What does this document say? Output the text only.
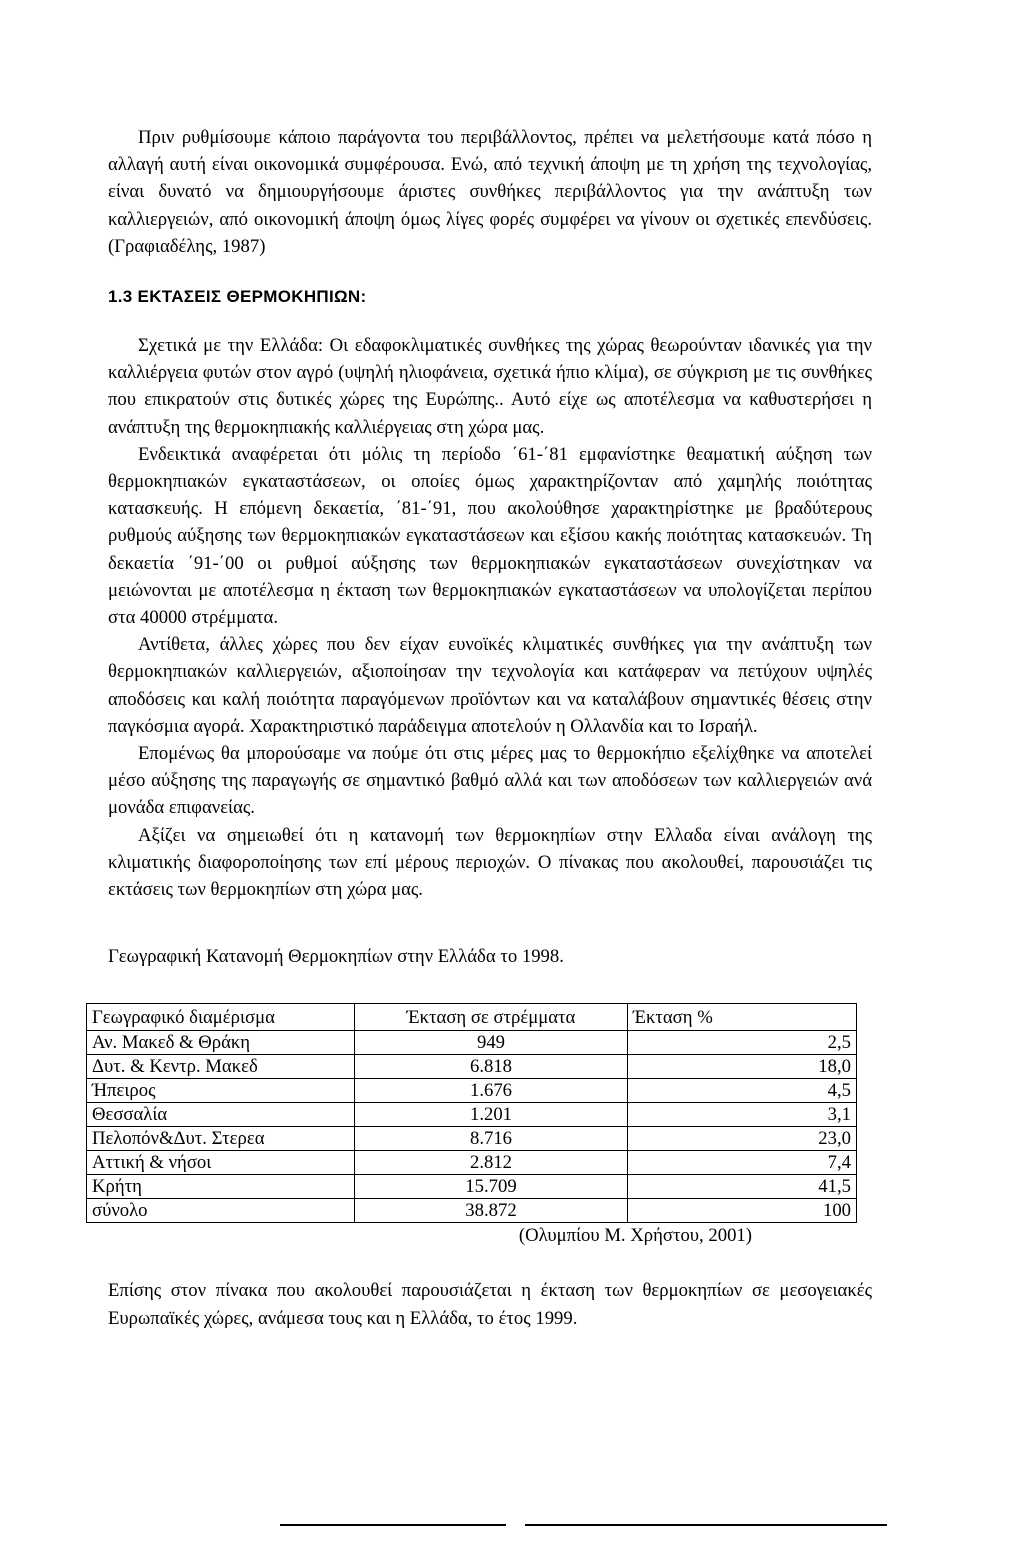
Πριν ρυθμίσουμε κάποιο παράγοντα του περιβάλλοντος, πρέπει να μελετήσουμε κατά πόσο η αλλαγή αυτή είναι οικονομικά συμφέρουσα. Ενώ, από τεχνική άποψη με τη χρήση της τεχνολογίας, είναι δυνατό να δημιουργήσουμε άριστες συνθήκες περιβάλλοντος για την ανάπτυξη των καλλιεργειών, από οικονομική άποψη όμως λίγες φορές συμφέρει να γίνουν οι σχετικές επενδύσεις. (Γραφιαδέλης, 1987)

1.3 ΕΚΤΑΣΕΙΣ ΘΕΡΜΟΚΗΠΙΩΝ:

Σχετικά με την Ελλάδα: Οι εδαφοκλιματικές συνθήκες της χώρας θεωρούνταν ιδανικές για την καλλιέργεια φυτών στον αγρό (υψηλή ηλιοφάνεια, σχετικά ήπιο κλίμα), σε σύγκριση με τις συνθήκες που επικρατούν στις δυτικές χώρες της Ευρώπης.. Αυτό είχε ως αποτέλεσμα να καθυστερήσει η ανάπτυξη της θερμοκηπιακής καλλιέργειας στη χώρα μας.

Ενδεικτικά αναφέρεται ότι μόλις τη περίοδο ΄61-΄81 εμφανίστηκε θεαματική αύξηση των θερμοκηπιακών εγκαταστάσεων, οι οποίες όμως χαρακτηρίζονταν από χαμηλής ποιότητας κατασκευής. Η επόμενη δεκαετία, ΄81-΄91, που ακολούθησε χαρακτηρίστηκε με βραδύτερους ρυθμούς αύξησης των θερμοκηπιακών εγκαταστάσεων και εξίσου κακής ποιότητας κατασκευών. Τη δεκαετία ΄91-΄00 οι ρυθμοί αύξησης των θερμοκηπιακών εγκαταστάσεων συνεχίστηκαν να μειώνονται με αποτέλεσμα η έκταση των θερμοκηπιακών εγκαταστάσεων να υπολογίζεται περίπου στα 40000 στρέμματα.

Αντίθετα, άλλες χώρες που δεν είχαν ευνοϊκές κλιματικές συνθήκες για την ανάπτυξη των θερμοκηπιακών καλλιεργειών, αξιοποίησαν την τεχνολογία και κατάφεραν να πετύχουν υψηλές αποδόσεις και καλή ποιότητα παραγόμενων προϊόντων και να καταλάβουν σημαντικές θέσεις στην παγκόσμια αγορά. Χαρακτηριστικό παράδειγμα αποτελούν η Ολλανδία και το Ισραήλ.

Επομένως θα μπορούσαμε να πούμε ότι στις μέρες μας το θερμοκήπιο εξελίχθηκε να αποτελεί μέσο αύξησης της παραγωγής σε σημαντικό βαθμό αλλά και των αποδόσεων των καλλιεργειών ανά μονάδα επιφανείας.

Αξίζει να σημειωθεί ότι η κατανομή των θερμοκηπίων στην Ελλαδα είναι ανάλογη της κλιματικής διαφοροποίησης των επί μέρους περιοχών. Ο πίνακας που ακολουθεί, παρουσιάζει τις εκτάσεις των θερμοκηπίων στη χώρα μας.

Γεωγραφική Κατανομή Θερμοκηπίων στην Ελλάδα το 1998.

Γεωγραφικό διαμέρισμα	Έκταση σε στρέμματα	Έκταση %
Αν. Μακεδ & Θράκη	949	2,5
Δυτ. & Κεντρ. Μακεδ	6.818	18,0
Ήπειρος	1.676	4,5
Θεσσαλία	1.201	3,1
Πελοπόν&Δυτ. Στερεα	8.716	23,0
Αττική & νήσοι	2.812	7,4
Κρήτη	15.709	41,5
σύνολο	38.872	100
(Ολυμπίου Μ. Χρήστου, 2001)

Επίσης στον πίνακα που ακολουθεί παρουσιάζεται η έκταση των θερμοκηπίων σε μεσογειακές Ευρωπαϊκές χώρες, ανάμεσα τους και η Ελλάδα, το έτος 1999.
